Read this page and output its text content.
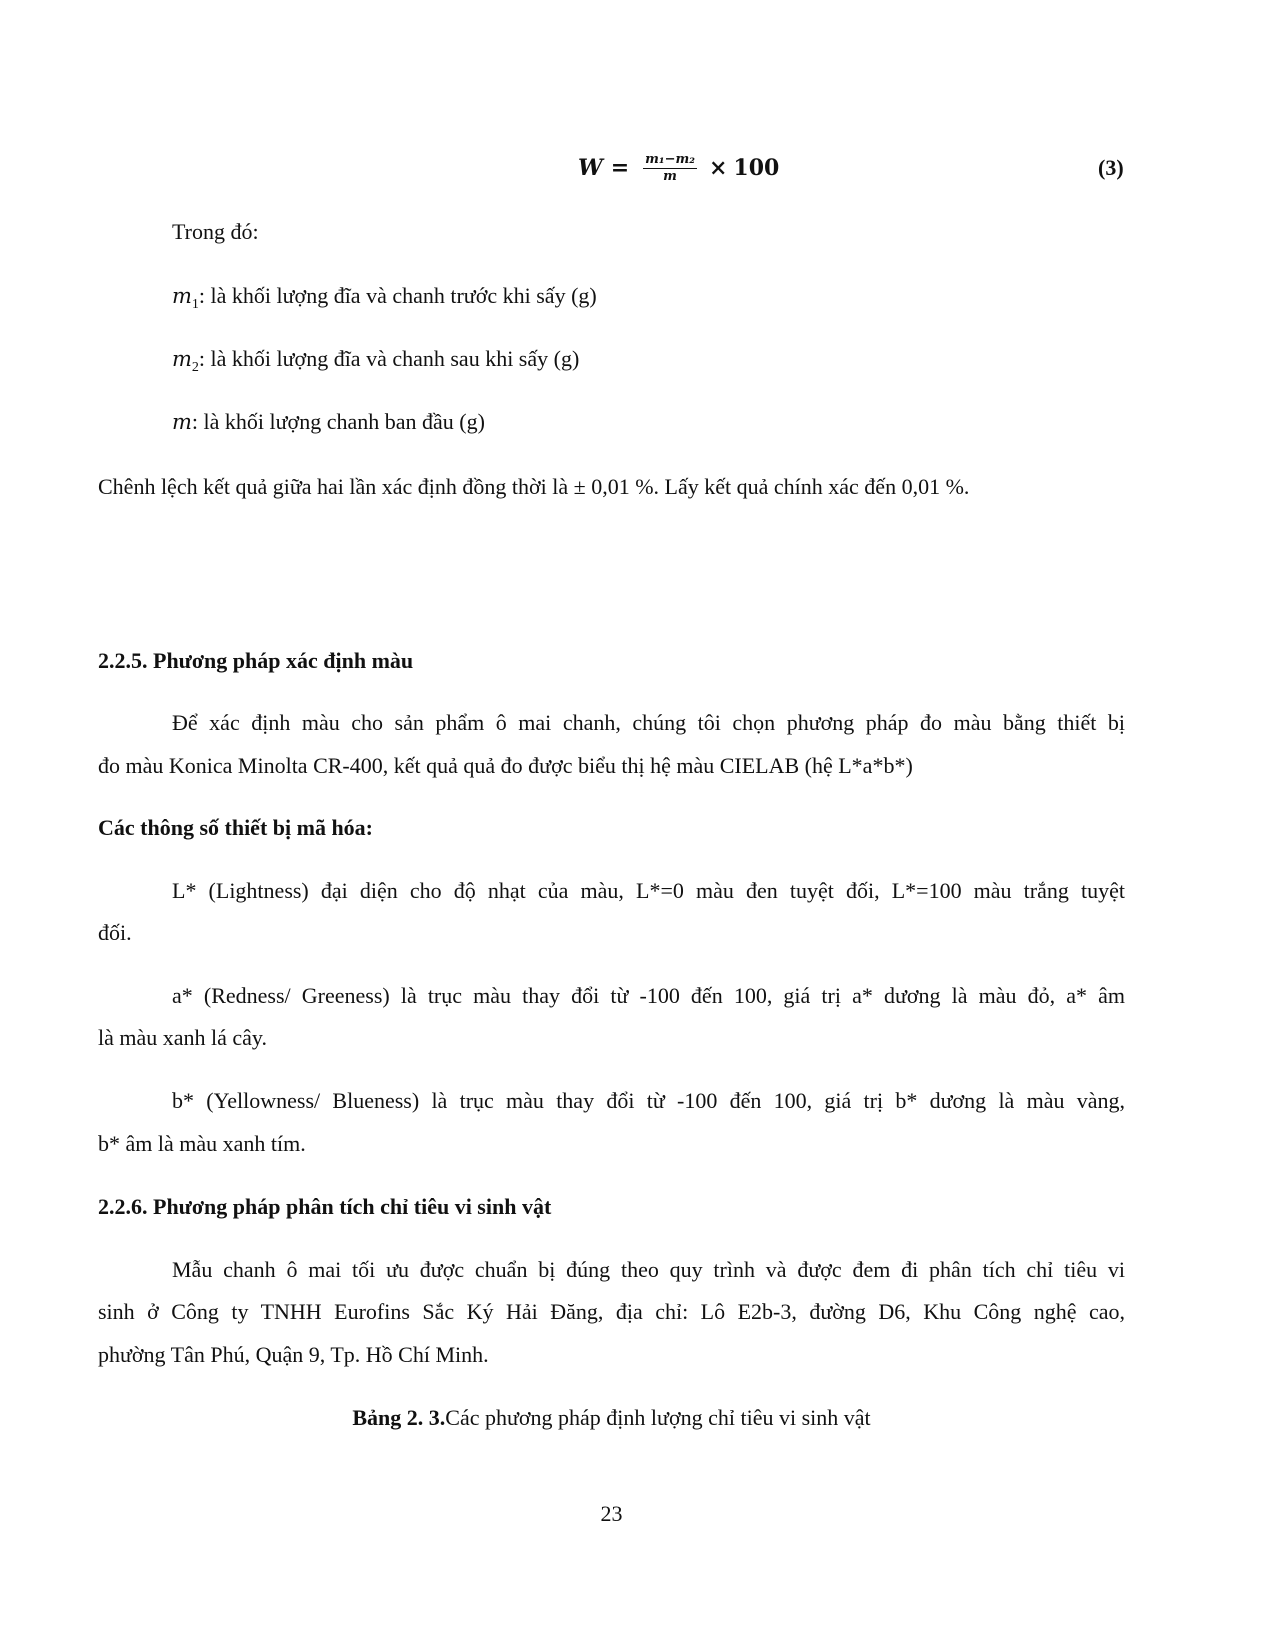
$W = \frac{\text{m₁−m₂}}{m} \times 100$	(3)
Trong đó:
$m_1$: là khối lượng đĩa và chanh trước khi sấy (g)
$m_2$: là khối lượng đĩa và chanh sau khi sấy (g)
m: là khối lượng chanh ban đầu (g)
Chênh lệch kết quả giữa hai lần xác định đồng thời là ± 0,01 %. Lấy kết quả chính xác đến 0,01 %.
2.2.5. Phương pháp xác định màu
Để xác định màu cho sản phẩm ô mai chanh, chúng tôi chọn phương pháp đo màu bằng thiết bị
đo màu Konica Minolta CR-400, kết quả quả đo được biểu thị hệ màu CIELAB (hệ L*a*b*)
Các thông số thiết bị mã hóa:
L* (Lightness) đại diện cho độ nhạt của màu, L*=0 màu đen tuyệt đối, L*=100 màu trắng tuyệt
đối.
a* (Redness/ Greeness) là trục màu thay đổi từ -100 đến 100, giá trị a* dương là màu đỏ, a* âm
là màu xanh lá cây.
b* (Yellowness/ Blueness) là trục màu thay đổi từ -100 đến 100, giá trị b* dương là màu vàng,
b* âm là màu xanh tím.
2.2.6. Phương pháp phân tích chỉ tiêu vi sinh vật
Mẫu chanh ô mai tối ưu được chuẩn bị đúng theo quy trình và được đem đi phân tích chỉ tiêu vi
sinh ở Công ty TNHH Eurofins Sắc Ký Hải Đăng, địa chỉ: Lô E2b-3, đường D6, Khu Công nghệ cao,
phường Tân Phú, Quận 9, Tp. Hồ Chí Minh.
Bảng 2. 3.Các phương pháp định lượng chỉ tiêu vi sinh vật
23
